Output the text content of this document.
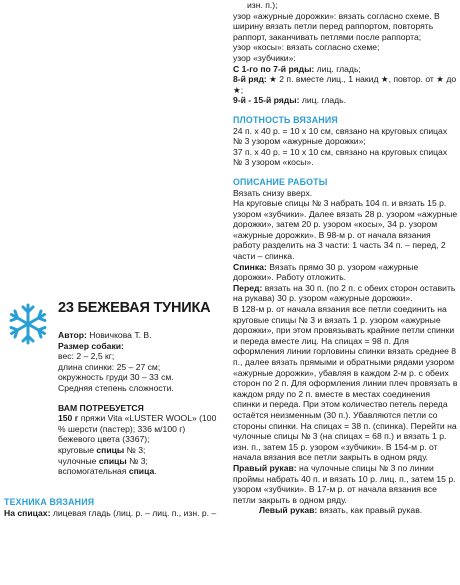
изн. п.);

узор «ажурные дорожки»: вязать согласно схеме. В ширину вязать петли перед раппортом, повторять раппорт, заканчивать петлями после раппорта;

узор «косы»: вязать согласно схеме;

узор «зубчики»:

С 1-го по 7-й ряды: лиц. гладь;

8-й ряд: ★ 2 п. вместе лиц., 1 накид ★, повтор. от ★ до ★;

9-й - 15-й ряды: лиц. гладь.

ПЛОТНОСТЬ ВЯЗАНИЯ

24 п. х 40 р. = 10 х 10 см, связано на круговых спицах № 3 узором «ажурные дорожки»;

37 п. х 40 р. = 10 х 10 см, связано на круговых спицах № 3 узором «косы».

ОПИСАНИЕ РАБОТЫ

Вязать снизу вверх.

На круговые спицы № 3 набрать 104 п. и вязать 15 р. узором «зубчики». Далее вязать 28 р. узором «ажурные дорожки», затем 20 р. узором «косы», 34 р. узором «ажурные дорожки». В 98-м р. от начала вязания работу разделить на 3 части: 1 часть 34 п. – перед, 2 части – спинка.

Спинка: Вязать прямо 30 р. узором «ажурные дорожки». Работу отложить.

Перед: вязать на 30 п. (по 2 п. с обеих сторон оставить на рукава) 30 р. узором «ажурные дорожки».

В 128-м р. от начала вязания все петли соединить на круговые спицы № 3 и вязать 1 р. узором «ажурные дорожки», при этом провязывать крайние петли спинки и переда вместе лиц. На спицах = 98 п. Для оформления линии горловины спинки вязать среднее 8 п., далее вязать прямыми и обратными рядами узором «ажурные дорожки», убавляя в каждом 2-м р. с обеих сторон по 2 п. Для оформления линии плеч провязать в каждом ряду по 2 п. вместе в местах соединения спинки и переда. При этом количество петель переда остаётся неизменным (30 п.). Убавляются петли со стороны спинки. На спицах = 38 п. (спинка). Перейти на чулочные спицы № 3 (на спицах = 68 п.) и вязать 1 р. изн. п., затем 15 р. узором «зубчики». В 154-м р. от начала вязания все петли закрыть в одном ряду.

Правый рукав: на чулочные спицы № 3 по линии проймы набрать 40 п. и вязать 10 р. лиц. п., затем 15 р. узором «зубчики». В 17-м р. от начала вязания все петли закрыть в одном ряду.

Левый рукав: вязать, как правый рукав.

23 БЕЖЕВАЯ ТУНИКА

Автор: Новичкова Т. В.

Размер собаки:

вес: 2 – 2,5 кг;

длина спинки: 25 – 27 см;

окружность груди 30 – 33 см.

Средняя степень сложности.

ВАМ ПОТРЕБУЕТСЯ

150 г пряжи Vita «LUSTER WOOL» (100 % шерсти (пастер); 336 м/100 г) бежевого цвета (3367);

круговые спицы № 3;

чулочные спицы № 3;

вспомогательная спица.

ТЕХНИКА ВЯЗАНИЯ

На спицах: лицевая гладь (лиц. р. – лиц. п., изн. р. –
